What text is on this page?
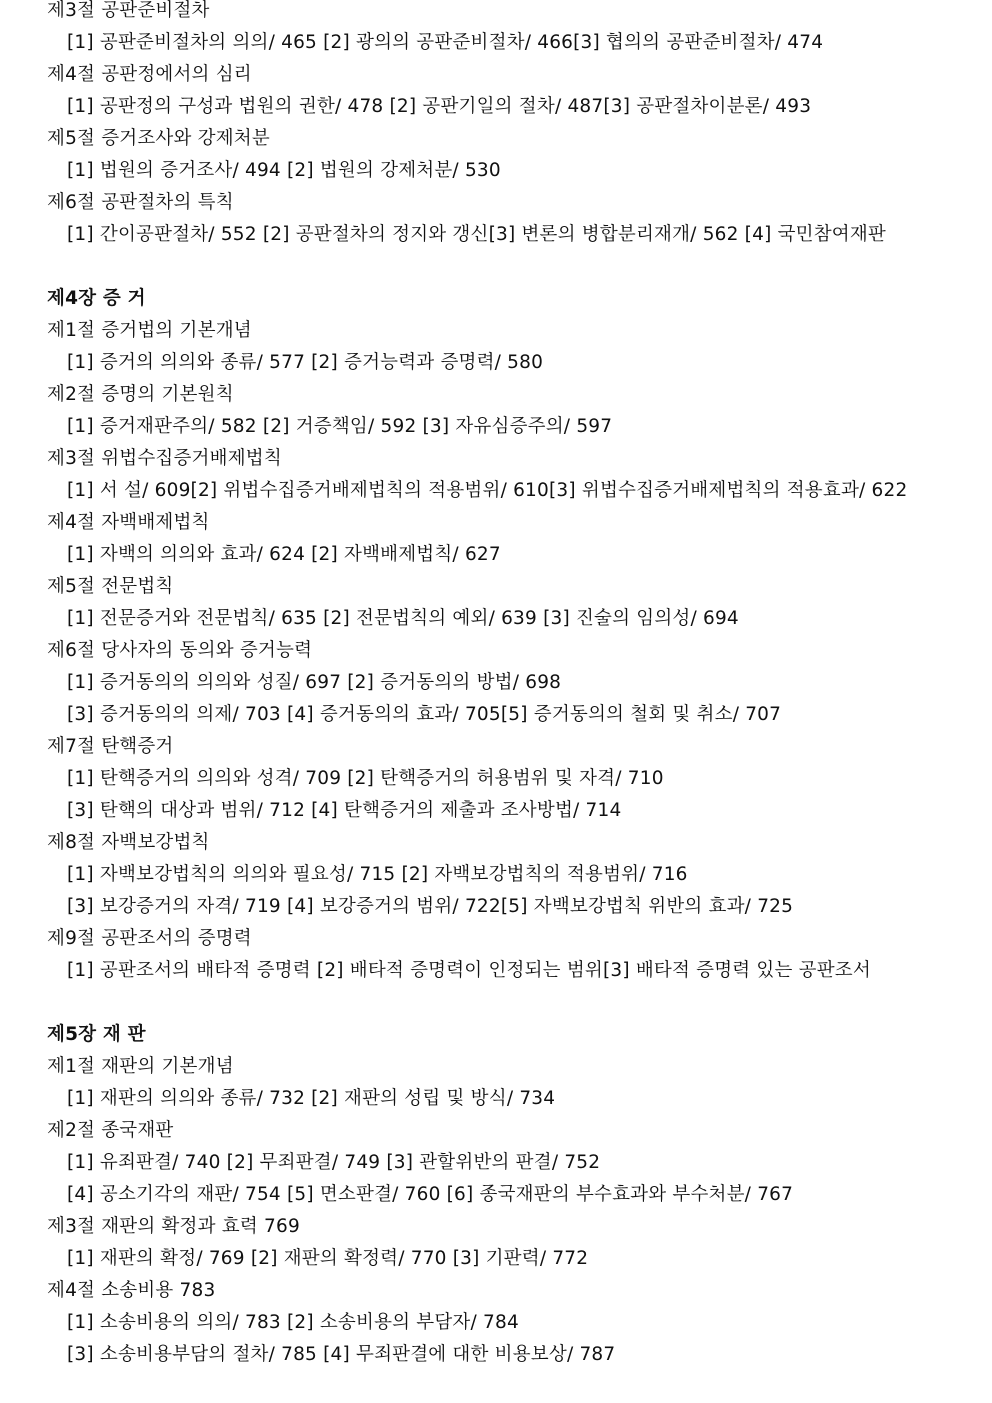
제3절 공판준비절차
[1] 공판준비절차의 의의/ 465 [2] 광의의 공판준비절차/ 466[3] 협의의 공판준비절차/ 474
제4절 공판정에서의 심리
[1] 공판정의 구성과 법원의 권한/ 478 [2] 공판기일의 절차/ 487[3] 공판절차이분론/ 493
제5절 증거조사와 강제처분
[1] 법원의 증거조사/ 494 [2] 법원의 강제처분/ 530
제6절 공판절차의 특칙
[1] 간이공판절차/ 552 [2] 공판절차의 정지와 갱신[3] 변론의 병합분리재개/ 562 [4] 국민참여재판
제4장 증 거
제1절 증거법의 기본개념
[1] 증거의 의의와 종류/ 577 [2] 증거능력과 증명력/ 580
제2절 증명의 기본원칙
[1] 증거재판주의/ 582 [2] 거증책임/ 592 [3] 자유심증주의/ 597
제3절 위법수집증거배제법칙
[1] 서 설/ 609[2] 위법수집증거배제법칙의 적용범위/ 610[3] 위법수집증거배제법칙의 적용효과/ 622
제4절 자백배제법칙
[1] 자백의 의의와 효과/ 624 [2] 자백배제법칙/ 627
제5절 전문법칙
[1] 전문증거와 전문법칙/ 635 [2] 전문법칙의 예외/ 639 [3] 진술의 임의성/ 694
제6절 당사자의 동의와 증거능력
[1] 증거동의의 의의와 성질/ 697 [2] 증거동의의 방법/ 698
[3] 증거동의의 의제/ 703 [4] 증거동의의 효과/ 705[5] 증거동의의 철회 및 취소/ 707
제7절 탄핵증거
[1] 탄핵증거의 의의와 성격/ 709 [2] 탄핵증거의 허용범위 및 자격/ 710
[3] 탄핵의 대상과 범위/ 712 [4] 탄핵증거의 제출과 조사방법/ 714
제8절 자백보강법칙
[1] 자백보강법칙의 의의와 필요성/ 715 [2] 자백보강법칙의 적용범위/ 716
[3] 보강증거의 자격/ 719 [4] 보강증거의 범위/ 722[5] 자백보강법칙 위반의 효과/ 725
제9절 공판조서의 증명력
[1] 공판조서의 배타적 증명력 [2] 배타적 증명력이 인정되는 범위[3] 배타적 증명력 있는 공판조서
제5장 재 판
제1절 재판의 기본개념
[1] 재판의 의의와 종류/ 732 [2] 재판의 성립 및 방식/ 734
제2절 종국재판
[1] 유죄판결/ 740 [2] 무죄판결/ 749 [3] 관할위반의 판결/ 752
[4] 공소기각의 재판/ 754 [5] 면소판결/ 760 [6] 종국재판의 부수효과와 부수처분/ 767
제3절 재판의 확정과 효력 769
[1] 재판의 확정/ 769 [2] 재판의 확정력/ 770 [3] 기판력/ 772
제4절 소송비용 783
[1] 소송비용의 의의/ 783 [2] 소송비용의 부담자/ 784
[3] 소송비용부담의 절차/ 785 [4] 무죄판결에 대한 비용보상/ 787
